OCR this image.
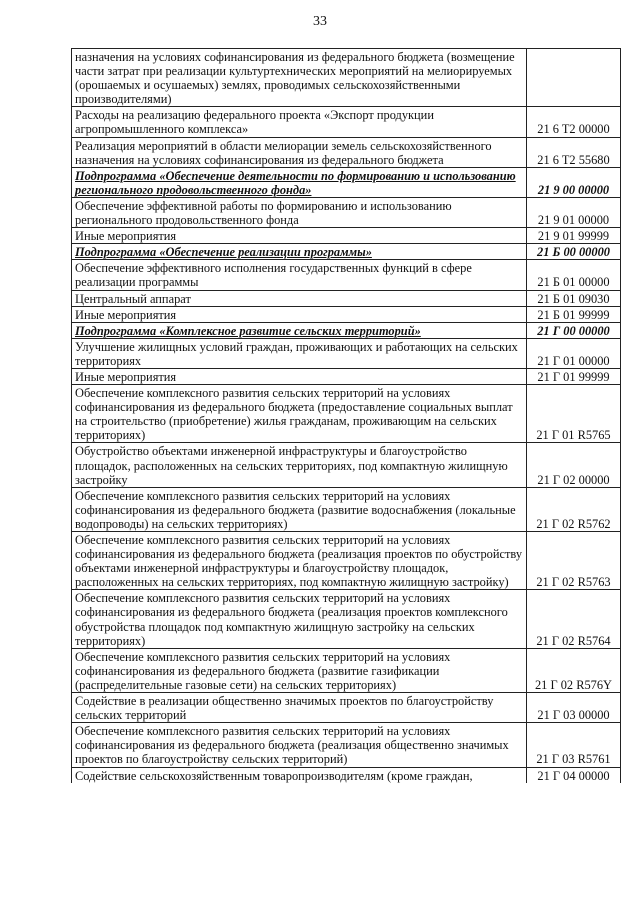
33
назначения на условиях софинансирования из федерального бюджета (возмещение части затрат при реализации культуртехнических мероприятий на мелиорируемых (орошаемых и осушаемых) землях, проводимых сельскохозяйственными производителями)	
Расходы на реализацию федерального проекта «Экспорт продукции агропромышленного комплекса»	21 6 T2 00000
Реализация мероприятий в области мелиорации земель сельскохозяйственного назначения на условиях софинансирования из федерального бюджета	21 6 T2 55680
Подпрограмма «Обеспечение деятельности по формированию и использованию регионального продовольственного фонда»	21 9 00 00000
Обеспечение эффективной работы по формированию и использованию регионального продовольственного фонда	21 9 01 00000
Иные мероприятия	21 9 01 99999
Подпрограмма «Обеспечение реализации программы»	21 Б 00 00000
Обеспечение эффективного исполнения государственных функций в сфере реализации программы	21 Б 01 00000
Центральный аппарат	21 Б 01 09030
Иные мероприятия	21 Б 01 99999
Подпрограмма «Комплексное развитие сельских территорий»	21 Г 00 00000
Улучшение жилищных условий граждан, проживающих и работающих на сельских территориях	21 Г 01 00000
Иные мероприятия	21 Г 01 99999
Обеспечение комплексного развития сельских территорий на условиях софинансирования из федерального бюджета (предоставление социальных выплат на строительство (приобретение) жилья гражданам, проживающим на сельских территориях)	21 Г 01 R5765
Обустройство объектами инженерной инфраструктуры и благоустройство площадок, расположенных на сельских территориях, под компактную жилищную застройку	21 Г 02 00000
Обеспечение комплексного развития сельских территорий на условиях софинансирования из федерального бюджета (развитие водоснабжения (локальные водопроводы) на сельских территориях)	21 Г 02 R5762
Обеспечение комплексного развития сельских территорий на условиях софинансирования из федерального бюджета (реализация проектов по обустройству объектами инженерной инфраструктуры и благоустройству площадок, расположенных на сельских территориях, под компактную жилищную застройку)	21 Г 02 R5763
Обеспечение комплексного развития сельских территорий на условиях софинансирования из федерального бюджета (реализация проектов комплексного обустройства площадок под компактную жилищную застройку на сельских территориях)	21 Г 02 R5764
Обеспечение комплексного развития сельских территорий на условиях софинансирования из федерального бюджета (развитие газификации (распределительные газовые сети) на сельских территориях)	21 Г 02 R576Y
Содействие в реализации общественно значимых проектов по благоустройству сельских территорий	21 Г 03 00000
Обеспечение комплексного развития сельских территорий на условиях софинансирования из федерального бюджета (реализация общественно значимых проектов по благоустройству сельских территорий)	21 Г 03 R5761
Содействие сельскохозяйственным товаропроизводителям (кроме граждан,	21 Г 04 00000
